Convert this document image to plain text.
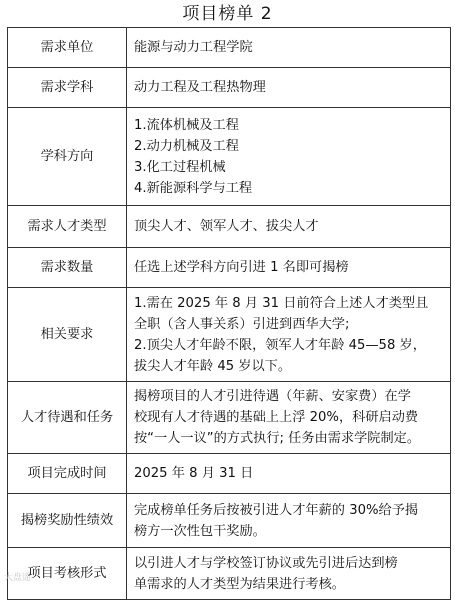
项目榜单 2
需求单位	能源与动力工程学院

需求学科	动力工程及工程热物理

学科方向	1.流体机械及工程
2.动力机械及工程
3.化工过程机械
4.新能源科学与工程

需求人才类型	顶尖人才、领军人才、拔尖人才

需求数量	任选上述学科方向引进 1 名即可揭榜

相关要求	1.需在 2025 年 8 月 31 日前符合上述人才类型且
全职（含人事关系）引进到西华大学;
2.顶尖人才年龄不限，领军人才年龄 45—58 岁，
拔尖人才年龄 45 岁以下。

人才待遇和任务	揭榜项目的人才引进待遇（年薪、安家费）在学
校现有人才待遇的基础上上浮 20%，科研启动费
按“一人一议”的方式执行; 任务由需求学院制定。

项目完成时间	2025 年 8 月 31 日

揭榜奖励性绩效	完成榜单任务后按被引进人才年薪的 30%给予揭
榜方一次性包干奖励。

项目考核形式	以引进人才与学校签订协议或先引进后达到榜
单需求的人才类型为结果进行考核。
大盘遥
